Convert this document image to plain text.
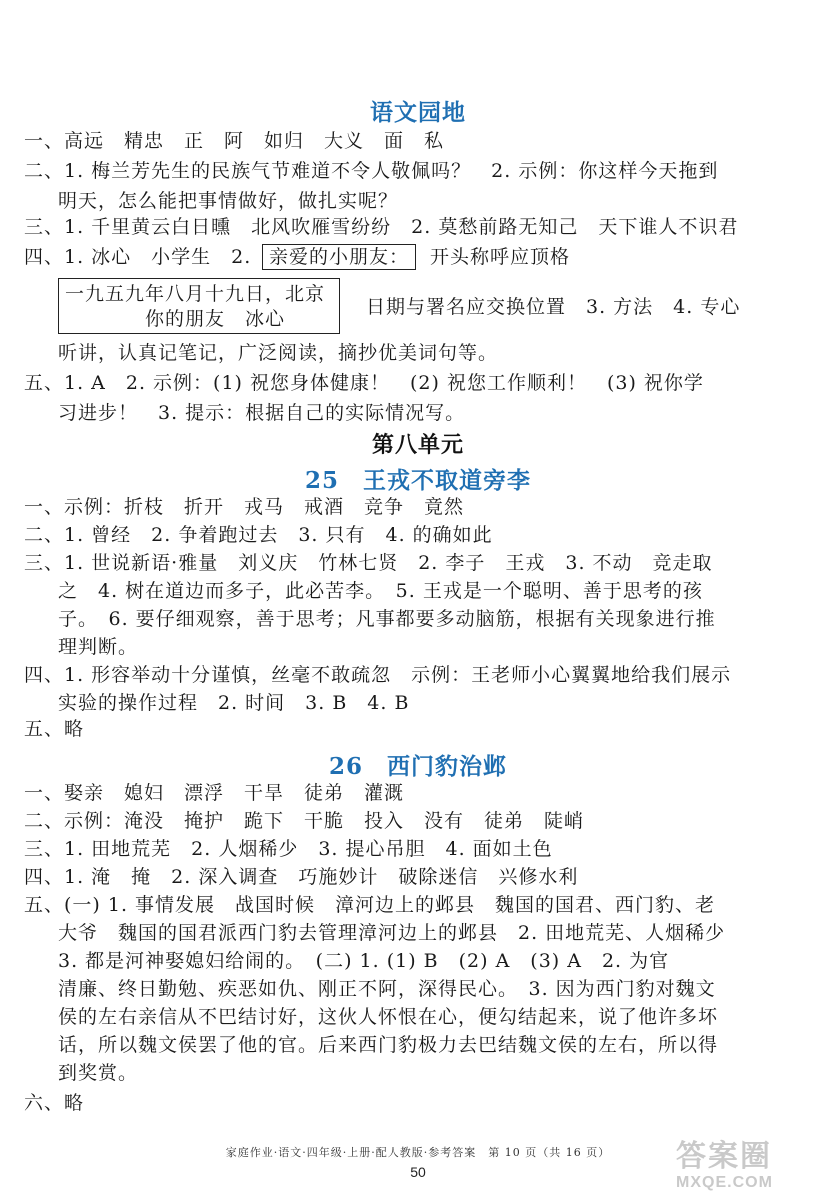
语文园地
一、高远　精忠　正　阿　如归　大义　面　私
二、1. 梅兰芳先生的民族气节难道不令人敬佩吗？　2. 示例：你这样今天拖到
明天，怎么能把事情做好，做扎实呢？
三、1. 千里黄云白日曛　北风吹雁雪纷纷　2. 莫愁前路无知己　天下谁人不识君
四、1. 冰心　小学生　2. 亲爱的小朋友：	开头称呼应顶格
一九五九年八月十九日，北京
你的朋友　冰心
日期与署名应交换位置　3. 方法　4. 专心
听讲，认真记笔记，广泛阅读，摘抄优美词句等。
五、1. A　2. 示例：(1) 祝您身体健康！　(2) 祝您工作顺利！　(3) 祝你学
习进步！　3. 提示：根据自己的实际情况写。
第八单元
25　王戎不取道旁李
一、示例：折枝　折开　戎马　戒酒　竞争　竟然
二、1. 曾经　2. 争着跑过去　3. 只有　4. 的确如此
三、1. 世说新语·雅量　刘义庆　竹林七贤　2. 李子　王戎　3. 不动　竞走取
之　4. 树在道边而多子，此必苦李。　5. 王戎是一个聪明、善于思考的孩
子。　6. 要仔细观察，善于思考；凡事都要多动脑筋，根据有关现象进行推
理判断。
四、1. 形容举动十分谨慎，丝毫不敢疏忽　示例：王老师小心翼翼地给我们展示
实验的操作过程　2. 时间　3. B　4. B
五、略
26　西门豹治邺
一、娶亲　媳妇　漂浮　干旱　徒弟　灌溉
二、示例：淹没　掩护　跪下　干脆　投入　没有　徒弟　陡峭
三、1. 田地荒芜　2. 人烟稀少　3. 提心吊胆　4. 面如土色
四、1. 淹　掩　2. 深入调查　巧施妙计　破除迷信　兴修水利
五、(一) 1. 事情发展　战国时候　漳河边上的邺县　魏国的国君、西门豹、老
大爷　魏国的国君派西门豹去管理漳河边上的邺县　2. 田地荒芜、人烟稀少
3. 都是河神娶媳妇给闹的。　(二) 1. (1) B　(2) A　(3) A　2. 为官
清廉、终日勤勉、疾恶如仇、刚正不阿，深得民心。　3. 因为西门豹对魏文
侯的左右亲信从不巴结讨好，这伙人怀恨在心，便勾结起来，说了他许多坏
话，所以魏文侯罢了他的官。后来西门豹极力去巴结魏文侯的左右，所以得
到奖赏。
六、略
家庭作业·语文·四年级·上册·配人教版·参考答案　第 10 页（共 16 页）
50	答案圈
MXQE.COM
